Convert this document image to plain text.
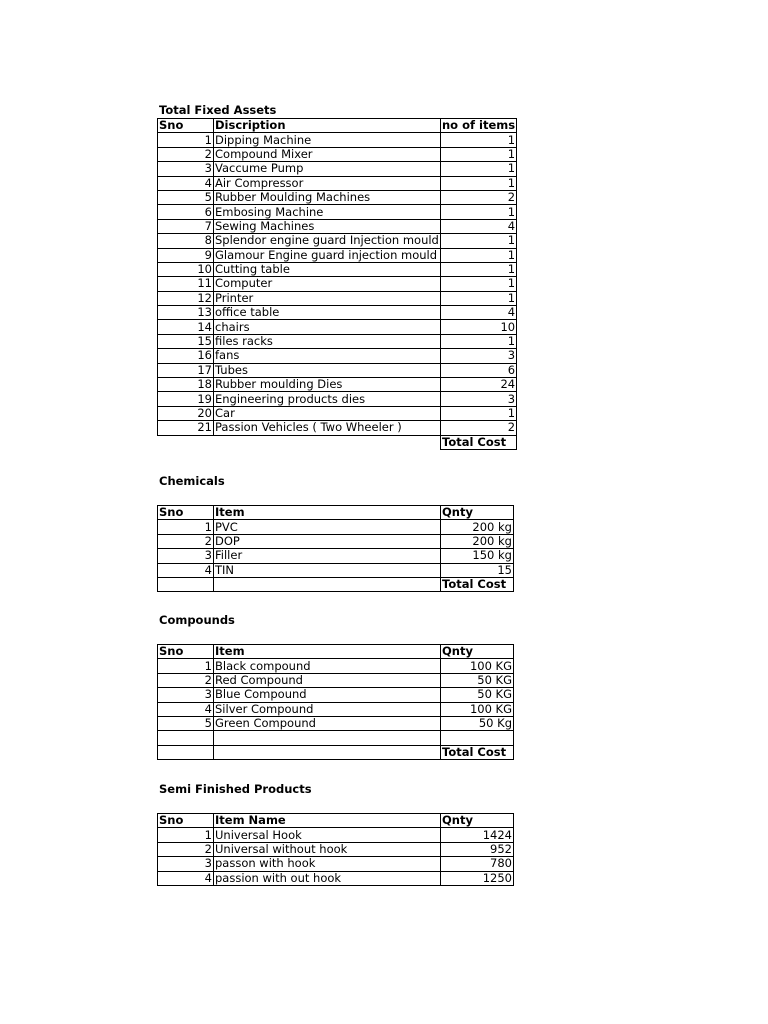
Total Fixed Assets
Sno	Discription	no of items
1	Dipping Machine	1
2	Compound Mixer	1
3	Vaccume Pump	1
4	Air Compressor	1
5	Rubber Moulding Machines	2
6	Embosing Machine	1
7	Sewing Machines	4
8	Splendor engine guard Injection mould	1
9	Glamour Engine guard injection mould	1
10	Cutting table	1
11	Computer	1
12	Printer	1
13	office table	4
14	chairs	10
15	files racks	1
16	fans	3
17	Tubes	6
18	Rubber moulding Dies	24
19	Engineering products dies	3
20	Car	1
21	Passion Vehicles ( Two Wheeler )	2
		Total Cost
Chemicals
Sno	Item	Qnty
1	PVC	200 kg
2	DOP	200 kg
3	Filler	150 kg
4	TIN	15
		Total Cost
Compounds
Sno	Item	Qnty
1	Black compound	100 KG
2	Red Compound	50 KG
3	Blue Compound	50 KG
4	Silver Compound	100 KG
5	Green Compound	50 Kg

		Total Cost
Semi Finished Products
Sno	Item Name	Qnty
1	Universal Hook	1424
2	Universal without hook	952
3	passon with hook	780
4	passion with out hook	1250
